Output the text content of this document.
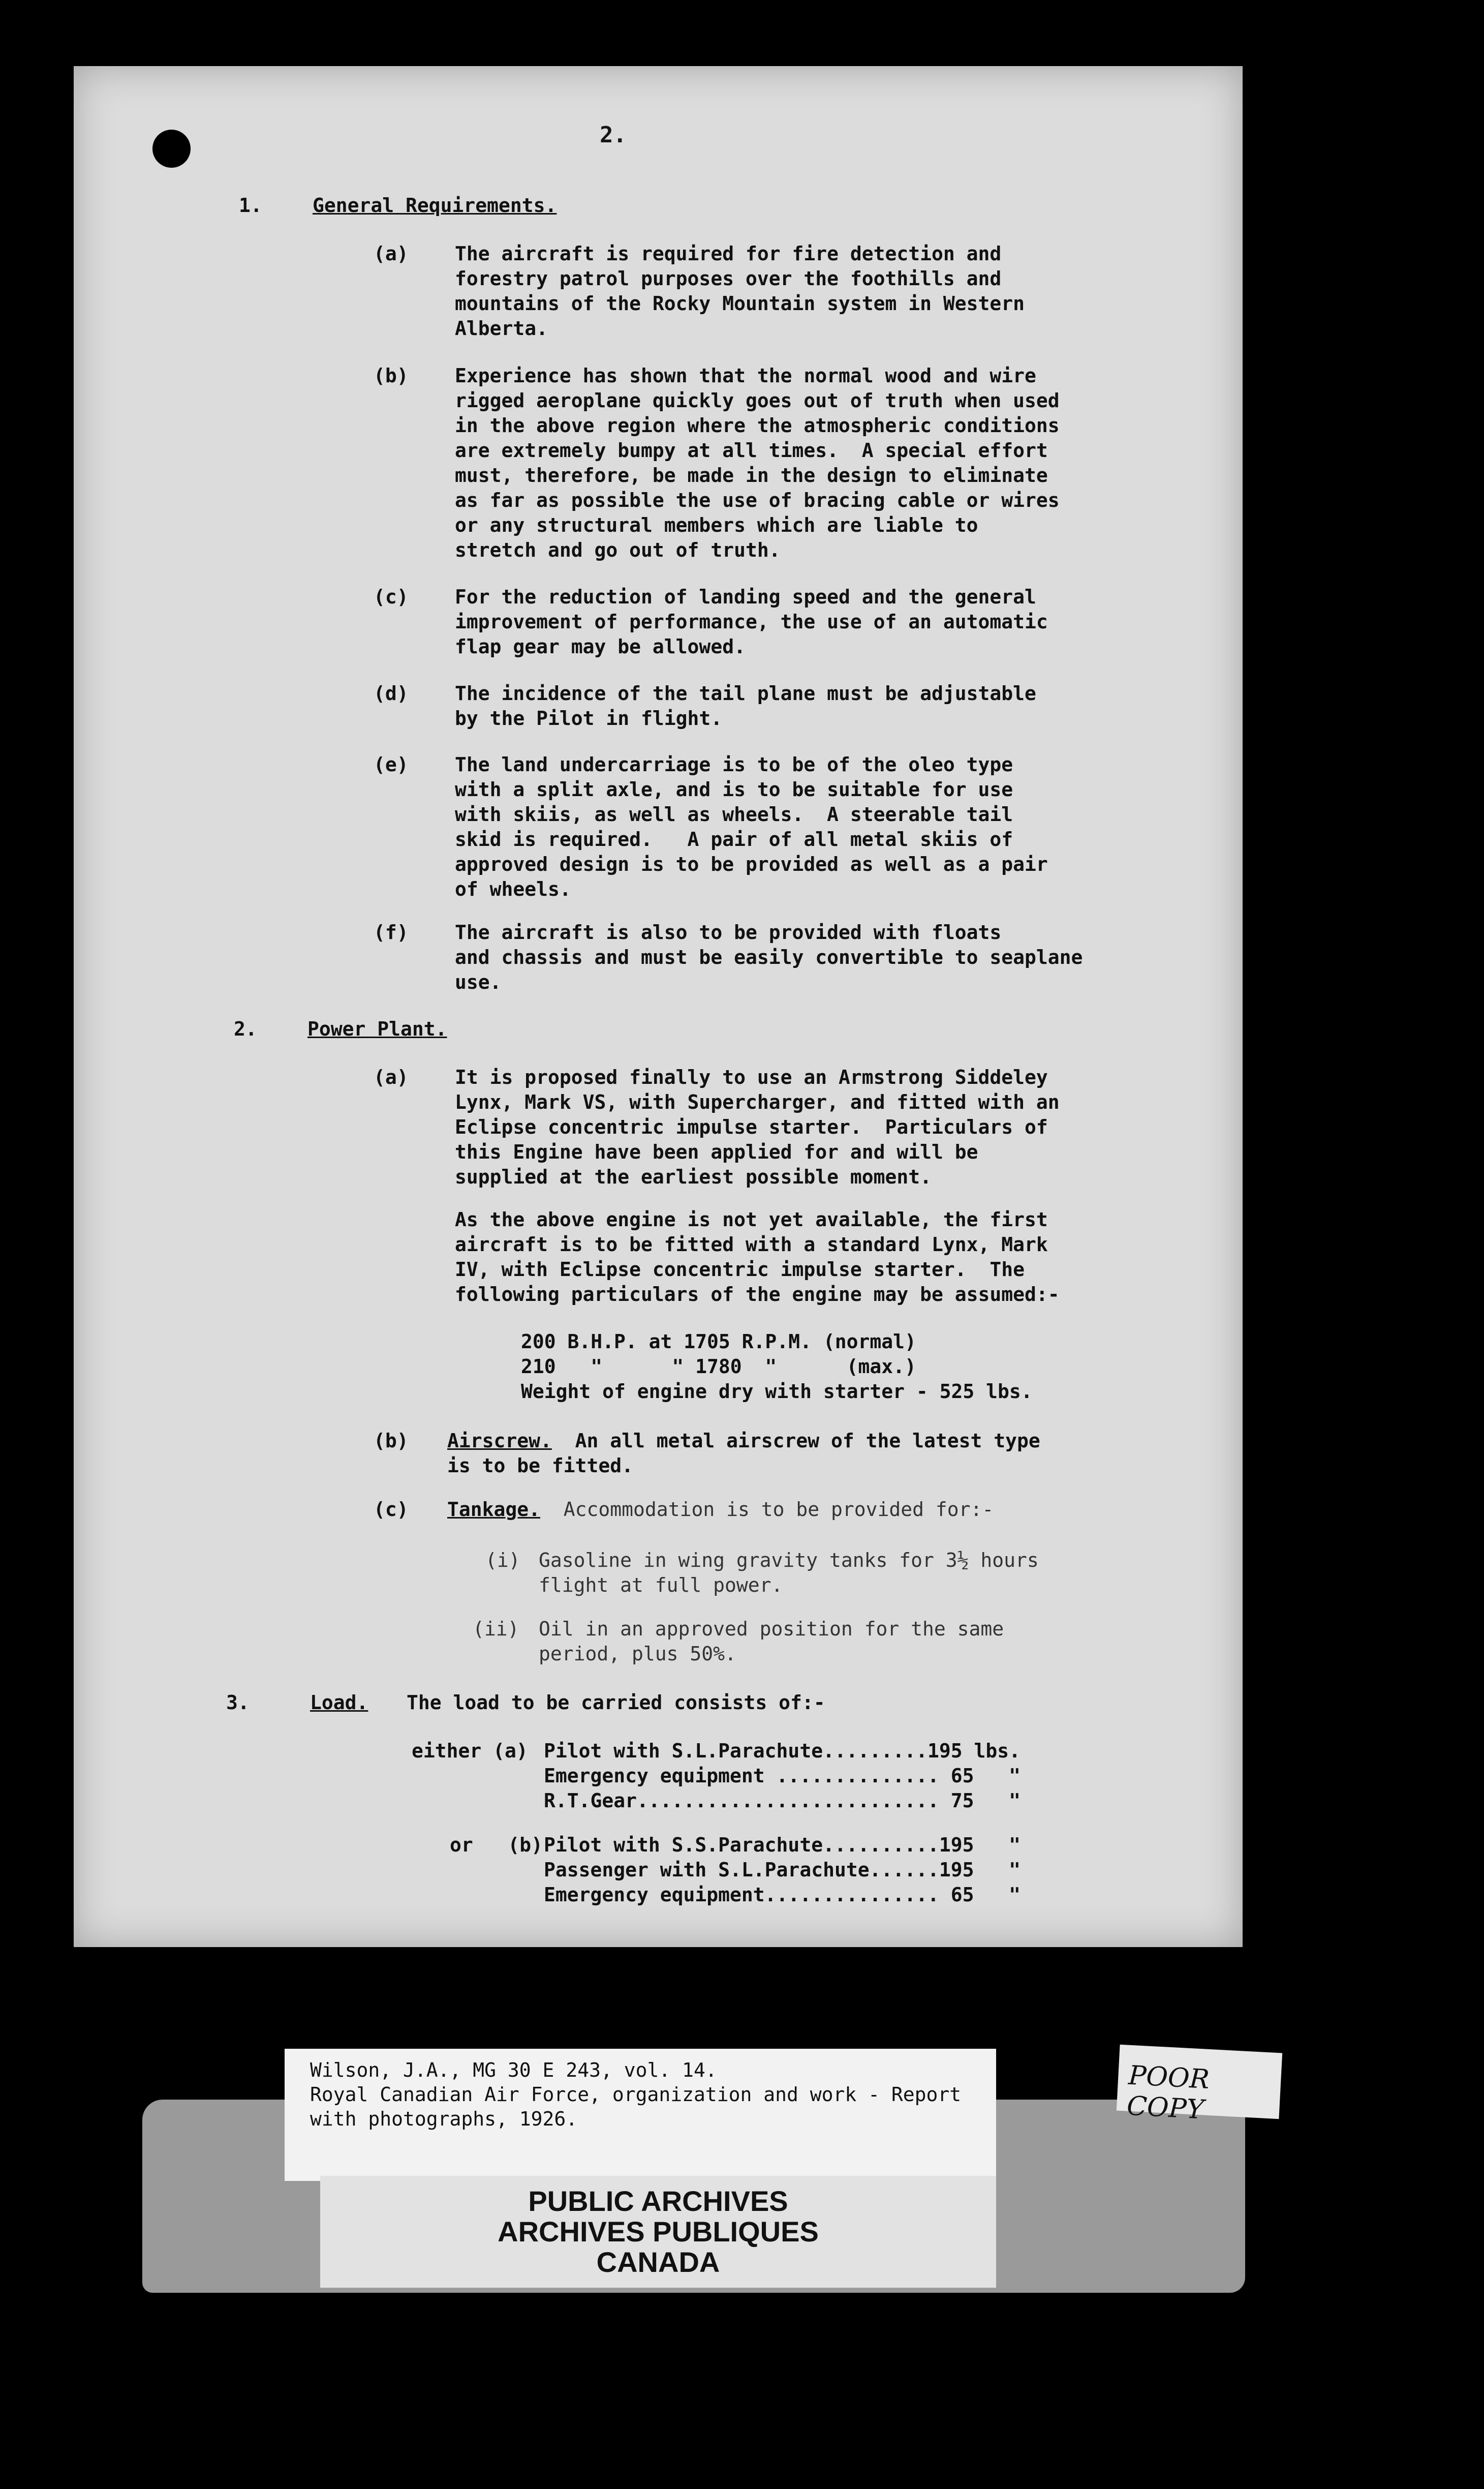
2.
1.	General Requirements.
(a) The aircraft is required for fire detection and
forestry patrol purposes over the foothills and
mountains of the Rocky Mountain system in Western
Alberta.
(b) Experience has shown that the normal wood and wire
rigged aeroplane quickly goes out of truth when used
in the above region where the atmospheric conditions
are extremely bumpy at all times.  A special effort
must, therefore, be made in the design to eliminate
as far as possible the use of bracing cable or wires
or any structural members which are liable to
stretch and go out of truth.
(c) For the reduction of landing speed and the general
improvement of performance, the use of an automatic
flap gear may be allowed.
(d) The incidence of the tail plane must be adjustable
by the Pilot in flight.
(e) The land undercarriage is to be of the oleo type
with a split axle, and is to be suitable for use
with skiis, as well as wheels.  A steerable tail
skid is required.   A pair of all metal skiis of
approved design is to be provided as well as a pair
of wheels.
(f) The aircraft is also to be provided with floats
and chassis and must be easily convertible to seaplane
use.
2.	Power Plant.
(a) It is proposed finally to use an Armstrong Siddeley
Lynx, Mark VS, with Supercharger, and fitted with an
Eclipse concentric impulse starter.  Particulars of
this Engine have been applied for and will be
supplied at the earliest possible moment.
As the above engine is not yet available, the first
aircraft is to be fitted with a standard Lynx, Mark
IV, with Eclipse concentric impulse starter.  The
following particulars of the engine may be assumed:-
200 B.H.P. at 1705 R.P.M. (normal)
210   "      " 1780  "      (max.)
Weight of engine dry with starter - 525 lbs.
(b) Airscrew.  An all metal airscrew of the latest type
is to be fitted.
(c) Tankage.  Accommodation is to be provided for:-
(i) Gasoline in wing gravity tanks for 3½ hours
flight at full power.
(ii) Oil in an approved position for the same
period, plus 50%.
3.	Load. The load to be carried consists of:-
either (a) Pilot with S.L.Parachute.........195 lbs.
Emergency equipment .............. 65   "
R.T.Gear.......................... 75   "
or   (b) Pilot with S.S.Parachute..........195   "
Passenger with S.L.Parachute......195   "
Emergency equipment............... 65   "
Wilson, J.A., MG 30 E 243, vol. 14.
Royal Canadian Air Force, organization and work - Report
with photographs, 1926.
PUBLIC ARCHIVES
ARCHIVES PUBLIQUES
CANADA
POOR COPY
